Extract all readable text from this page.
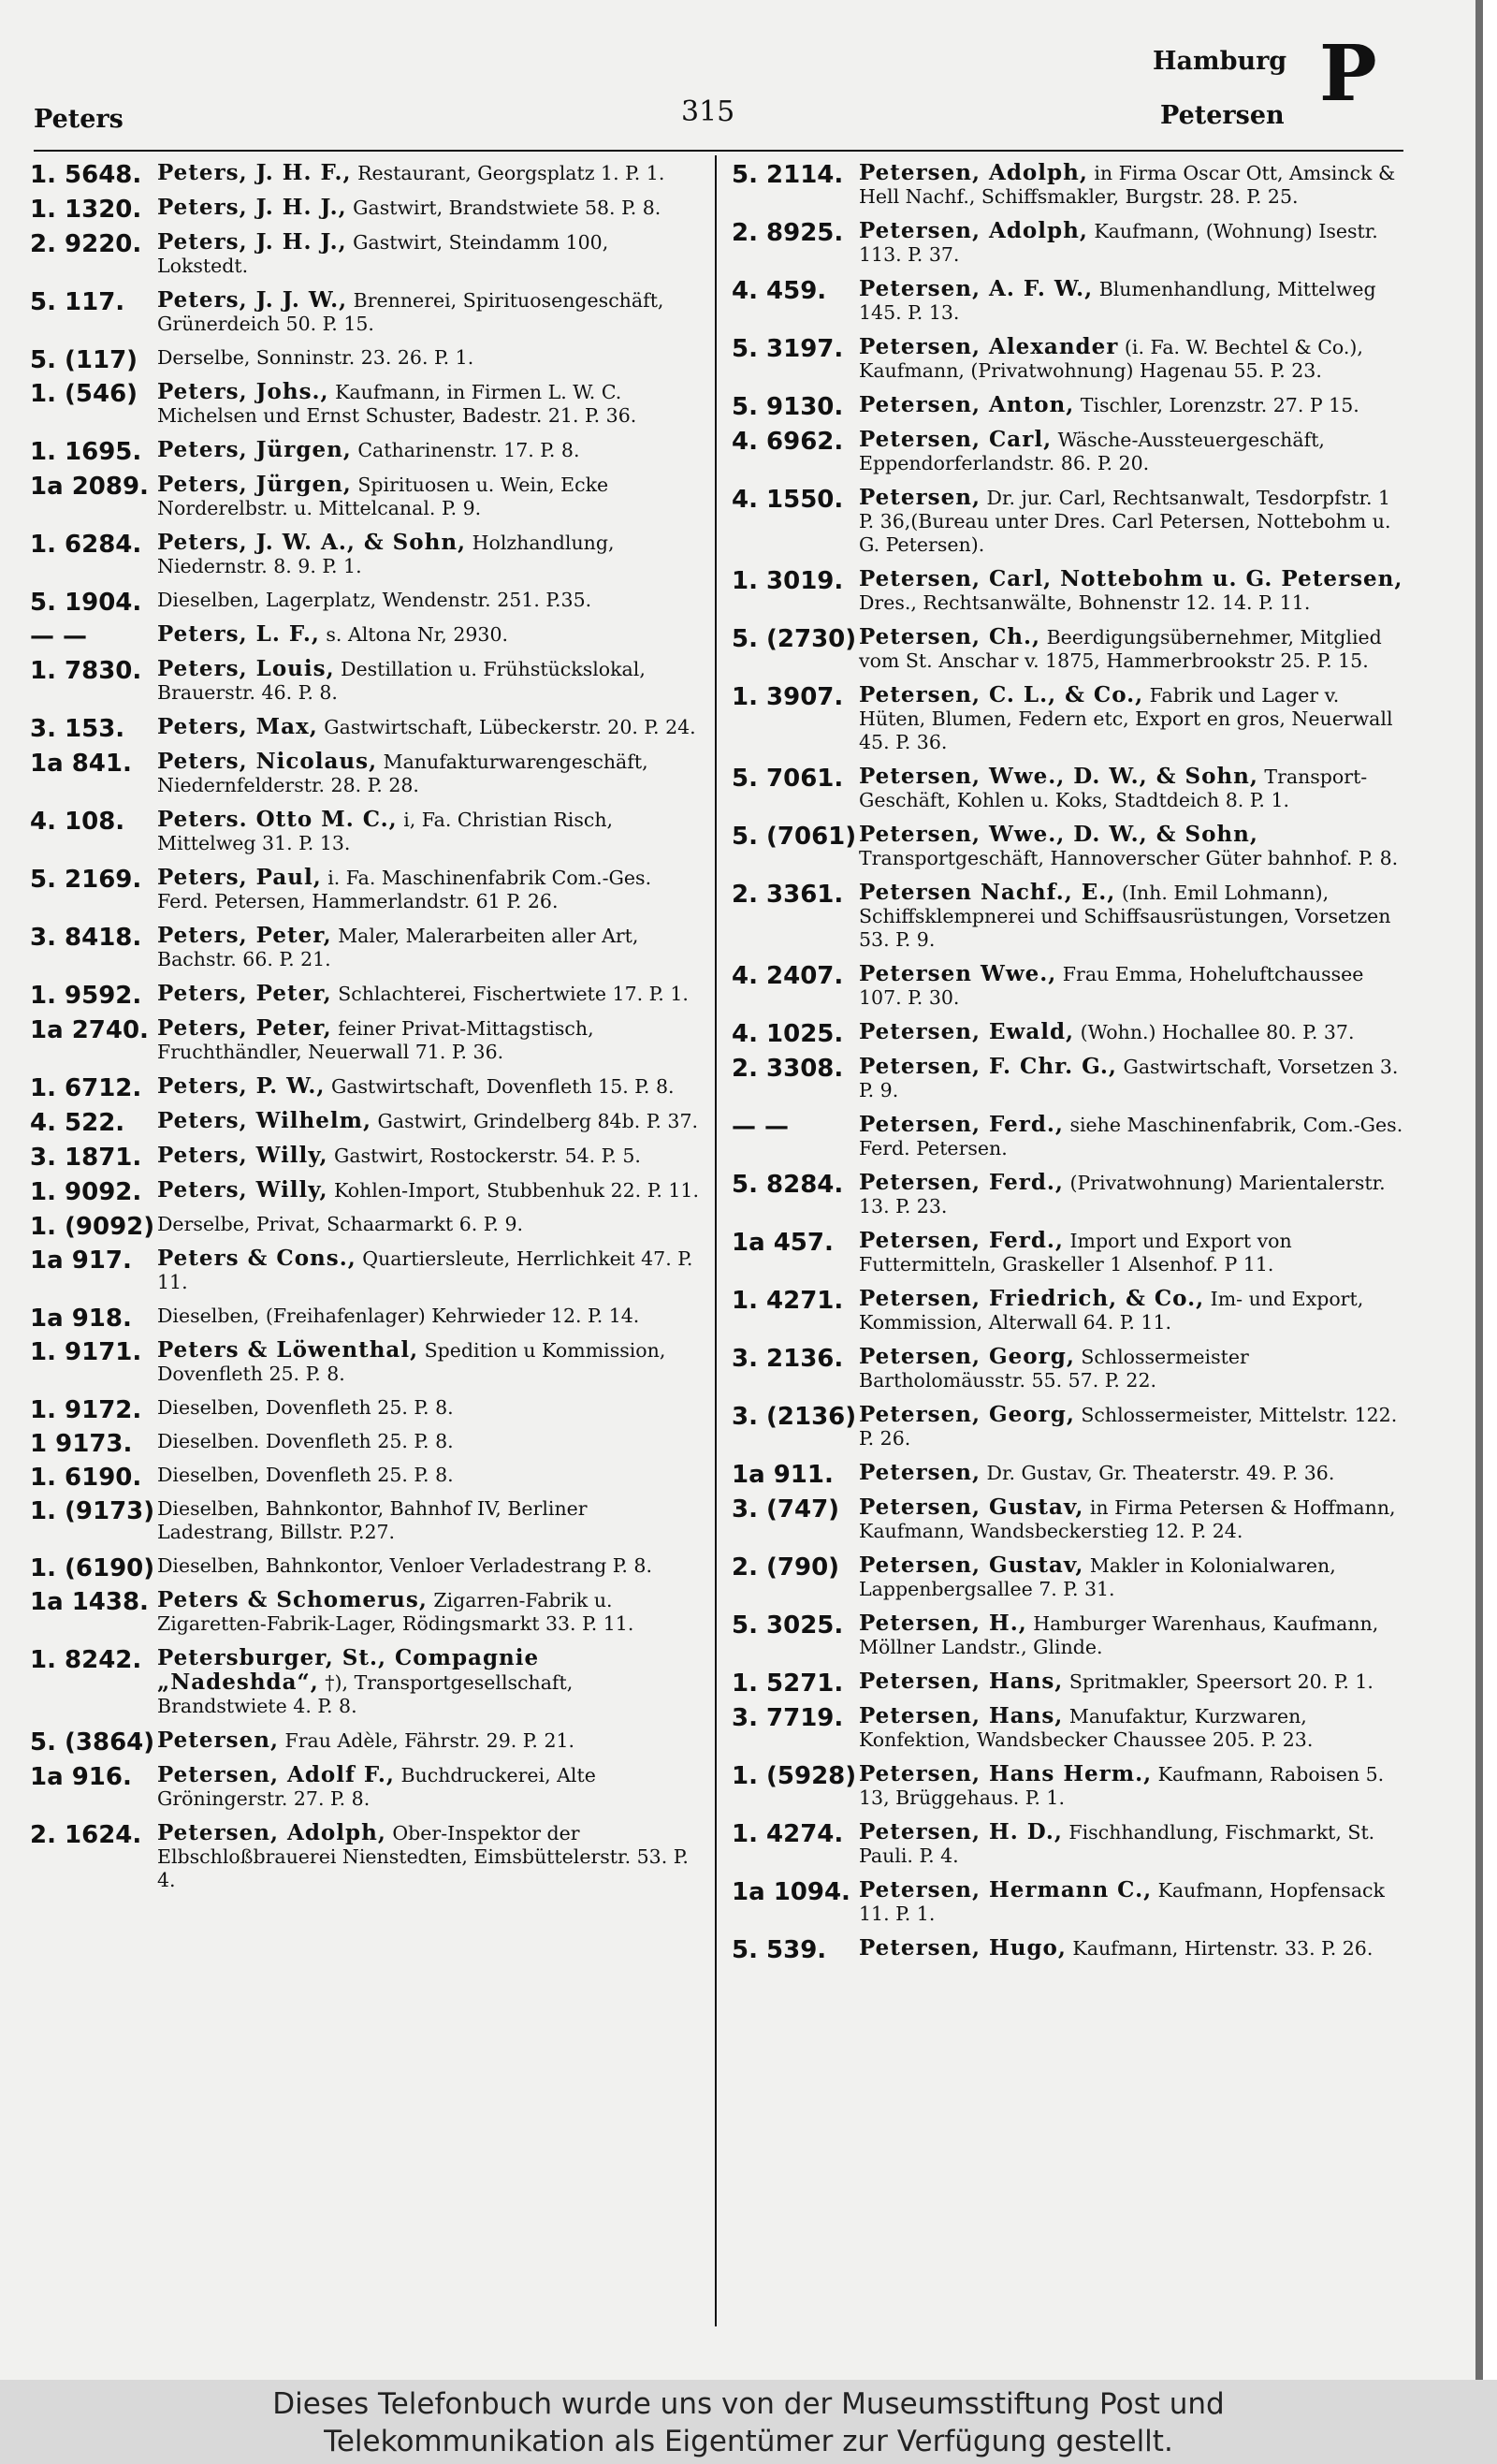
Peters	315
Hamburg
Petersen P
1. 5648. Peters, J. H. F., Restaurant, Georgsplatz 1. P. 1.
1. 1320. Peters, J. H. J., Gastwirt, Brandstwiete 58. P. 8.
2. 9220. Peters, J. H. J., Gastwirt, Steindamm 100, Lokstedt.
5. 117.	Peters, J. J. W., Brennerei, Spirituosengeschäft, Grünerdeich 50. P. 15.
5. (117)	Derselbe, Sonninstr. 23. 26. P. 1.
1. (546) Peters, Johs., Kaufmann, in Firmen L. W. C. Michelsen und Ernst Schuster, Badestr. 21. P. 36.
1. 1695. Peters, Jürgen, Catharinenstr. 17. P. 8.
1a 2089. Peters, Jürgen, Spirituosen u. Wein, Ecke Norderelbstr. u. Mittelcanal. P. 9.
1. 6284. Peters, J. W. A., & Sohn, Holzhandlung, Niedernstr. 8. 9. P. 1.
5. 1904. Dieselben, Lagerplatz, Wendenstr. 251. P.35.
— —	Peters, L. F., s. Altona Nr, 2930.
1. 7830. Peters, Louis, Destillation u. Frühstückslokal, Brauerstr. 46. P. 8.
3. 153.	Peters, Max, Gastwirtschaft, Lübeckerstr. 20. P. 24.
1a 841.	Peters, Nicolaus, Manufakturwarengeschäft, Niedernfelderstr. 28. P. 28.
4. 108.	Peters. Otto M. C., i, Fa. Christian Risch, Mittelweg 31. P. 13.
5. 2169. Peters, Paul, i. Fa. Maschinenfabrik Com.-Ges. Ferd. Petersen, Hammerlandstr. 61 P. 26.
3. 8418. Peters, Peter, Maler, Malerarbeiten aller Art, Bachstr. 66. P. 21.
1. 9592. Peters, Peter, Schlachterei, Fischertwiete 17. P. 1.
1a 2740. Peters, Peter, feiner Privat-Mittagstisch, Fruchthändler, Neuerwall 71. P. 36.
1. 6712. Peters, P. W., Gastwirtschaft, Dovenfleth 15. P. 8.
4. 522.	Peters, Wilhelm, Gastwirt, Grindelberg 84b. P. 37.
3. 1871. Peters, Willy, Gastwirt, Rostockerstr. 54. P. 5.
1. 9092. Peters, Willy, Kohlen-Import, Stubbenhuk 22. P. 11.
1. (9092) Derselbe, Privat, Schaarmarkt 6. P. 9.
1a 917.	Peters & Cons., Quartiersleute, Herrlichkeit 47. P. 11.
1a 918.	Dieselben, (Freihafenlager) Kehrwieder 12. P. 14.
1. 9171. Peters & Löwenthal, Spedition u Kommission, Dovenfleth 25. P. 8.
1. 9172. Dieselben, Dovenfleth 25. P. 8.
1 9173.	Dieselben. Dovenfleth 25. P. 8.
1. 6190. Dieselben, Dovenfleth 25. P. 8.
1. (9173) Dieselben, Bahnkontor, Bahnhof IV, Berliner Ladestrang, Billstr. P.27.
1. (6190) Dieselben, Bahnkontor, Venloer Verladestrang P. 8.
1a 1438. Peters & Schomerus, Zigarren-Fabrik u. Zigaretten-Fabrik-Lager, Rödingsmarkt 33. P. 11.
1. 8242. Petersburger, St., Compagnie „Nadeshda“, †), Transportgesellschaft, Brandstwiete 4. P. 8.
5. (3864) Petersen, Frau Adèle, Fährstr. 29. P. 21.
1a 916.	Petersen, Adolf F., Buchdruckerei, Alte Gröningerstr. 27. P. 8.
2. 1624. Petersen, Adolph, Ober-Inspektor der Elbschloßbrauerei Nienstedten, Eimsbüttelerstr. 53. P. 4.
5. 2114. Petersen, Adolph, in Firma Oscar Ott, Amsinck & Hell Nachf., Schiffsmakler, Burgstr. 28. P. 25.
2. 8925. Petersen, Adolph, Kaufmann, (Wohnung) Isestr. 113. P. 37.
4. 459.	Petersen, A. F. W., Blumenhandlung, Mittelweg 145. P. 13.
5. 3197. Petersen, Alexander (i. Fa. W. Bechtel & Co.), Kaufmann, (Privatwohnung) Hagenau 55. P. 23.
5. 9130. Petersen, Anton, Tischler, Lorenzstr. 27. P 15.
4. 6962. Petersen, Carl, Wäsche-Aussteuergeschäft, Eppendorferlandstr. 86. P. 20.
4. 1550. Petersen, Dr. jur. Carl, Rechtsanwalt, Tesdorpfstr. 1 P. 36,(Bureau unter Dres. Carl Petersen, Nottebohm u. G. Petersen).
1. 3019. Petersen, Carl, Nottebohm u. G. Petersen, Dres., Rechtsanwälte, Bohnenstr 12. 14. P. 11.
5. (2730) Petersen, Ch., Beerdigungsübernehmer, Mitglied vom St. Anschar v. 1875, Hammerbrookstr 25. P. 15.
1. 3907. Petersen, C. L., & Co., Fabrik und Lager v. Hüten, Blumen, Federn etc, Export en gros, Neuerwall 45. P. 36.
5. 7061. Petersen, Wwe., D. W., & Sohn, Transport-Geschäft, Kohlen u. Koks, Stadtdeich 8. P. 1.
5. (7061) Petersen, Wwe., D. W., & Sohn, Transportgeschäft, Hannoverscher Güter bahnhof. P. 8.
2. 3361. Petersen Nachf., E., (Inh. Emil Lohmann), Schiffsklempnerei und Schiffsausrüstungen, Vorsetzen 53. P. 9.
4. 2407. Petersen Wwe., Frau Emma, Hoheluftchaussee 107. P. 30.
4. 1025. Petersen, Ewald, (Wohn.) Hochallee 80. P. 37.
2. 3308. Petersen, F. Chr. G., Gastwirtschaft, Vorsetzen 3. P. 9.
— —	Petersen, Ferd., siehe Maschinenfabrik, Com.-Ges. Ferd. Petersen.
5. 8284. Petersen, Ferd., (Privatwohnung) Marientalerstr. 13. P. 23.
1a 457.	Petersen, Ferd., Import und Export von Futtermitteln, Graskeller 1 Alsenhof. P 11.
1. 4271. Petersen, Friedrich, & Co., Im- und Export, Kommission, Alterwall 64. P. 11.
3. 2136. Petersen, Georg, Schlossermeister Bartholomäusstr. 55. 57. P. 22.
3. (2136) Petersen, Georg, Schlossermeister, Mittelstr. 122. P. 26.
1a 911.	Petersen, Dr. Gustav, Gr. Theaterstr. 49. P. 36.
3. (747) Petersen, Gustav, in Firma Petersen & Hoffmann, Kaufmann, Wandsbeckerstieg 12. P. 24.
2. (790) Petersen, Gustav, Makler in Kolonialwaren, Lappenbergsallee 7. P. 31.
5. 3025. Petersen, H., Hamburger Warenhaus, Kaufmann, Möllner Landstr., Glinde.
1. 5271. Petersen, Hans, Spritmakler, Speersort 20. P. 1.
3. 7719. Petersen, Hans, Manufaktur, Kurzwaren, Konfektion, Wandsbecker Chaussee 205. P. 23.
1. (5928) Petersen, Hans Herm., Kaufmann, Raboisen 5. 13, Brüggehaus. P. 1.
1. 4274. Petersen, H. D., Fischhandlung, Fischmarkt, St. Pauli. P. 4.
1a 1094. Petersen, Hermann C., Kaufmann, Hopfensack 11. P. 1.
5. 539.	Petersen, Hugo, Kaufmann, Hirtenstr. 33. P. 26.
Dieses Telefonbuch wurde uns von der Museumsstiftung Post und
Telekommunikation als Eigentümer zur Verfügung gestellt.
